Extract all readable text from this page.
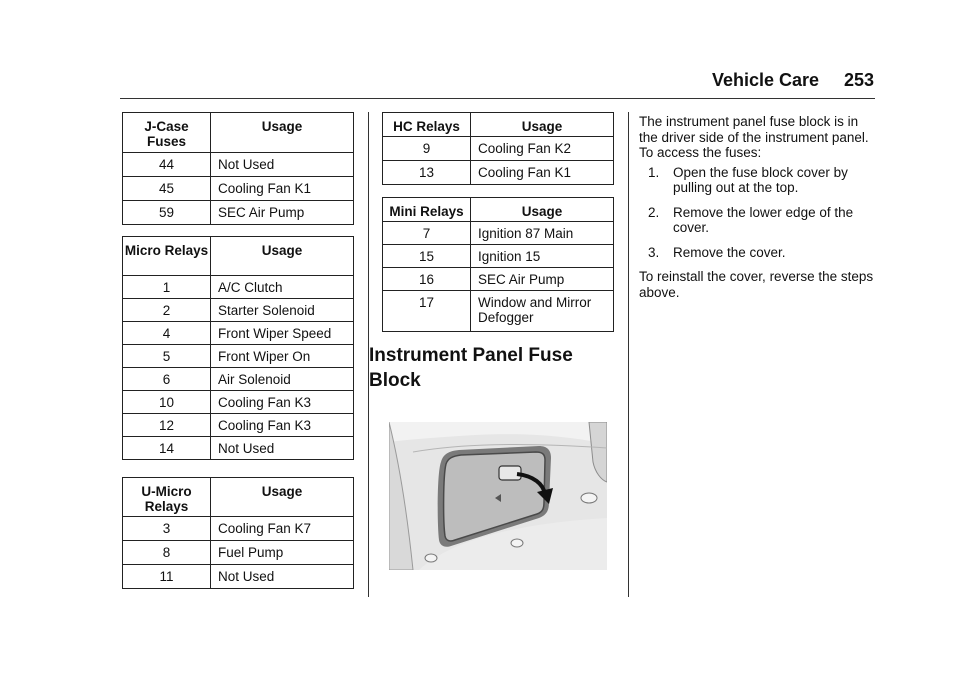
Vehicle Care 253
J-Case Fuses	Usage
44	Not Used
45	Cooling Fan K1
59	SEC Air Pump
Micro Relays	Usage
1	A/C Clutch
2	Starter Solenoid
4	Front Wiper Speed
5	Front Wiper On
6	Air Solenoid
10	Cooling Fan K3
12	Cooling Fan K3
14	Not Used
U-Micro Relays	Usage
3	Cooling Fan K7
8	Fuel Pump
11	Not Used
HC Relays	Usage
9	Cooling Fan K2
13	Cooling Fan K1
Mini Relays	Usage
7	Ignition 87 Main
15	Ignition 15
16	SEC Air Pump
17	Window and Mirror Defogger
Instrument Panel Fuse Block

The instrument panel fuse block is in the driver side of the instrument panel. To access the fuses:

1. Open the fuse block cover by pulling out at the top.
2. Remove the lower edge of the cover.
3. Remove the cover.

To reinstall the cover, reverse the steps above.
